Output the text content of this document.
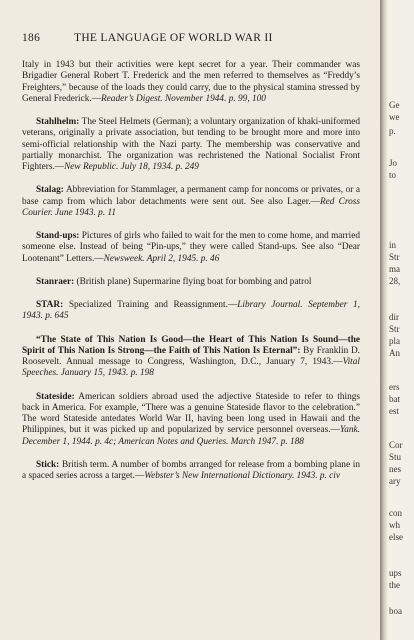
186	THE LANGUAGE OF WORLD WAR II

Italy in 1943 but their activities were kept secret for a year. Their commander was Brigadier General Robert T. Frederick and the men referred to themselves as “Freddy’s Freighters,” because of the loads they could carry, due to the physical stamina stressed by General Frederick.—Reader’s Digest. November 1944. p. 99, 100

Stahlhelm: The Steel Helmets (German); a voluntary organization of khaki-uniformed veterans, originally a private association, but tending to be brought more and more into semi-official relationship with the Nazi party. The membership was conservative and partially monarchist. The organization was rechristened the National Socialist Front Fighters.—New Republic. July 18, 1934. p. 249

Stalag: Abbreviation for Stammlager, a permanent camp for noncoms or privates, or a base camp from which labor detachments were sent out. See also Lager.—Red Cross Courier. June 1943. p. 11

Stand-ups: Pictures of girls who failed to wait for the men to come home, and married someone else. Instead of being “Pin-ups,” they were called Stand-ups. See also “Dear Lootenant” Letters.—Newsweek. April 2, 1945. p. 46

Stanraer: (British plane) Supermarine flying boat for bombing and patrol

STAR: Specialized Training and Reassignment.—Library Journal. September 1, 1943. p. 645

“The State of This Nation Is Good—the Heart of This Nation Is Sound—the Spirit of This Nation Is Strong—the Faith of This Nation Is Eternal”: By Franklin D. Roosevelt. Annual message to Congress, Washington, D.C., January 7, 1943.—Vital Speeches. January 15, 1943. p. 198

Stateside: American soldiers abroad used the adjective Stateside to refer to things back in America. For example, “There was a genuine Stateside flavor to the celebration.” The word Stateside antedates World War II, having been long used in Hawaii and the Philippines, but it was picked up and popularized by service personnel overseas.—Yank. December 1, 1944. p. 4c; American Notes and Queries. March 1947. p. 188

Stick: British term. A number of bombs arranged for release from a bombing plane in a spaced series across a target.—Webster’s New International Dictionary. 1943. p. civ

Ge
we
p.
Jo
to
in
Str
ma
28,
dir
Str
pla
An
ers
bat
est
Cor
Stu
nes
ary
con
wh
else
ups
the
boa
